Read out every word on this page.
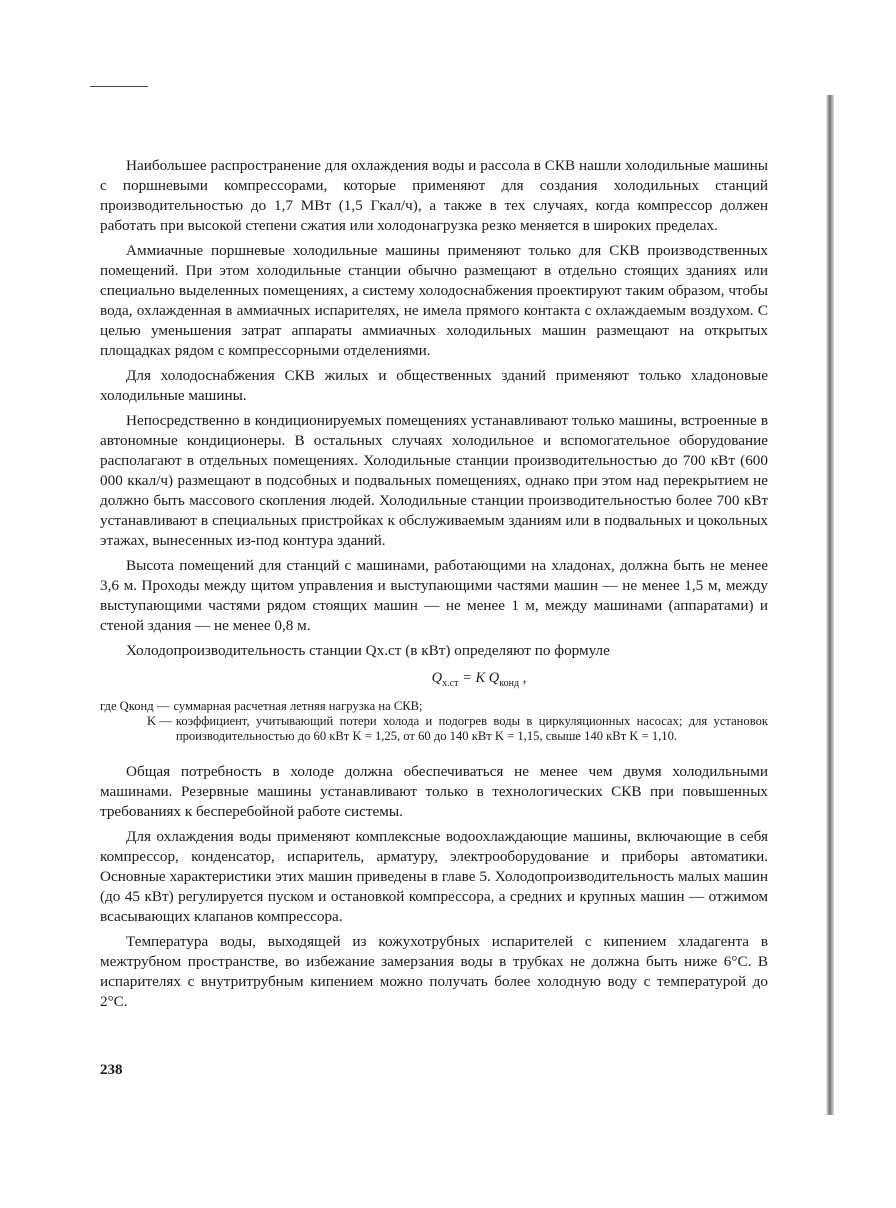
Наибольшее распространение для охлаждения воды и рассола в СКВ нашли холодильные машины с поршневыми компрессорами, которые применяют для создания холодильных станций производительностью до 1,7 МВт (1,5 Гкал/ч), а также в тех случаях, когда компрессор должен работать при высокой степени сжатия или холодонагрузка резко меняется в широких пределах.

Аммиачные поршневые холодильные машины применяют только для СКВ производственных помещений. При этом холодильные станции обычно размещают в отдельно стоящих зданиях или специально выделенных помещениях, а систему холодоснабжения проектируют таким образом, чтобы вода, охлажденная в аммиачных испарителях, не имела прямого контакта с охлаждаемым воздухом. С целью уменьшения затрат аппараты аммиачных холодильных машин размещают на открытых площадках рядом с компрессорными отделениями.

Для холодоснабжения СКВ жилых и общественных зданий применяют только хладоновые холодильные машины.

Непосредственно в кондиционируемых помещениях устанавливают только машины, встроенные в автономные кондиционеры. В остальных случаях холодильное и вспомогательное оборудование располагают в отдельных помещениях. Холодильные станции производительностью до 700 кВт (600 000 ккал/ч) размещают в подсобных и подвальных помещениях, однако при этом над перекрытием не должно быть массового скопления людей. Холодильные станции производительностью более 700 кВт устанавливают в специальных пристройках к обслуживаемым зданиям или в подвальных и цокольных этажах, вынесенных из-под контура зданий.

Высота помещений для станций с машинами, работающими на хладонах, должна быть не менее 3,6 м. Проходы между щитом управления и выступающими частями машин — не менее 1,5 м, между выступающими частями рядом стоящих машин — не менее 1 м, между машинами (аппаратами) и стеной здания — не менее 0,8 м.

Холодопроизводительность станции Qх.ст (в кВт) определяют по формуле

$Q_{х.ст} = K$ $Q_{конд}$ ,
где Qконд — суммарная расчетная летняя нагрузка на СКВ;
K — коэффициент, учитывающий потери холода и подогрев воды в циркуляционных насосах; для установок производительностью до 60 кВт K = 1,25, от 60 до 140 кВт K = 1,15, свыше 140 кВт K = 1,10.

Общая потребность в холоде должна обеспечиваться не менее чем двумя холодильными машинами. Резервные машины устанавливают только в технологических СКВ при повышенных требованиях к бесперебойной работе системы.

Для охлаждения воды применяют комплексные водоохлаждающие машины, включающие в себя компрессор, конденсатор, испаритель, арматуру, электрооборудование и приборы автоматики. Основные характеристики этих машин приведены в главе 5. Холодопроизводительность малых машин (до 45 кВт) регулируется пуском и остановкой компрессора, а средних и крупных машин — отжимом всасывающих клапанов компрессора.

Температура воды, выходящей из кожухотрубных испарителей с кипением хладагента в межтрубном пространстве, во избежание замерзания воды в трубках не должна быть ниже 6°С. В испарителях с внутритрубным кипением можно получать более холодную воду с температурой до 2°С.

238
